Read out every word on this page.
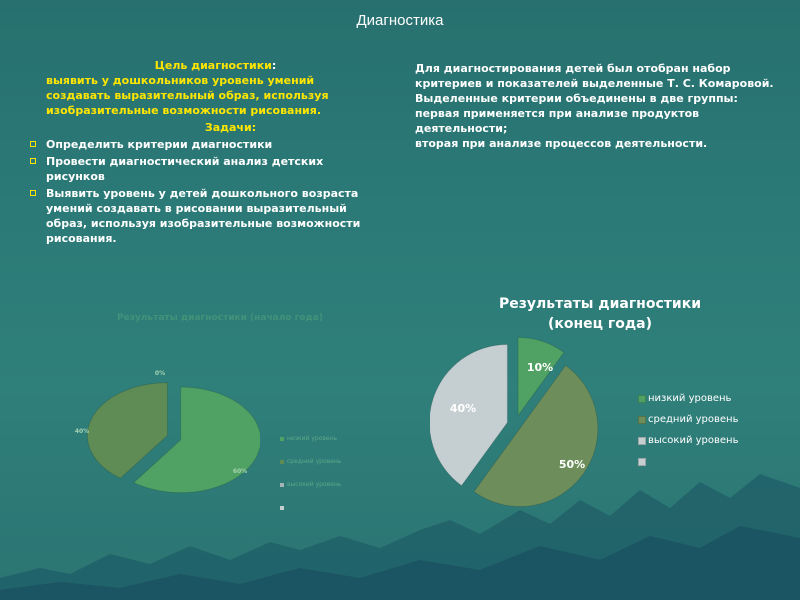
Диагностика
Цель диагностики:
выявить у дошкольников уровень умений создавать выразительный образ, используя изобразительные возможности рисования.
Задачи:
Определить критерии диагностики
Провести диагностический анализ детских рисунков
Выявить уровень у детей дошкольного возраста умений создавать в рисовании выразительный образ, используя изобразительные возможности рисования.

Для диагностирования детей был отобран набор критериев и показателей выделенные Т. С. Комаровой.

Выделенные критерии объединены в две группы:

первая применяется при анализе продуктов деятельности;

вторая при анализе процессов деятельности.

Результаты диагностики (начало года)
60%
40%
0%
низкий уровень
средний уровень
высокий уровень
Результаты диагностики (конец года)
10%
50%
40%
низкий уровень
средний уровень
высокий уровень
